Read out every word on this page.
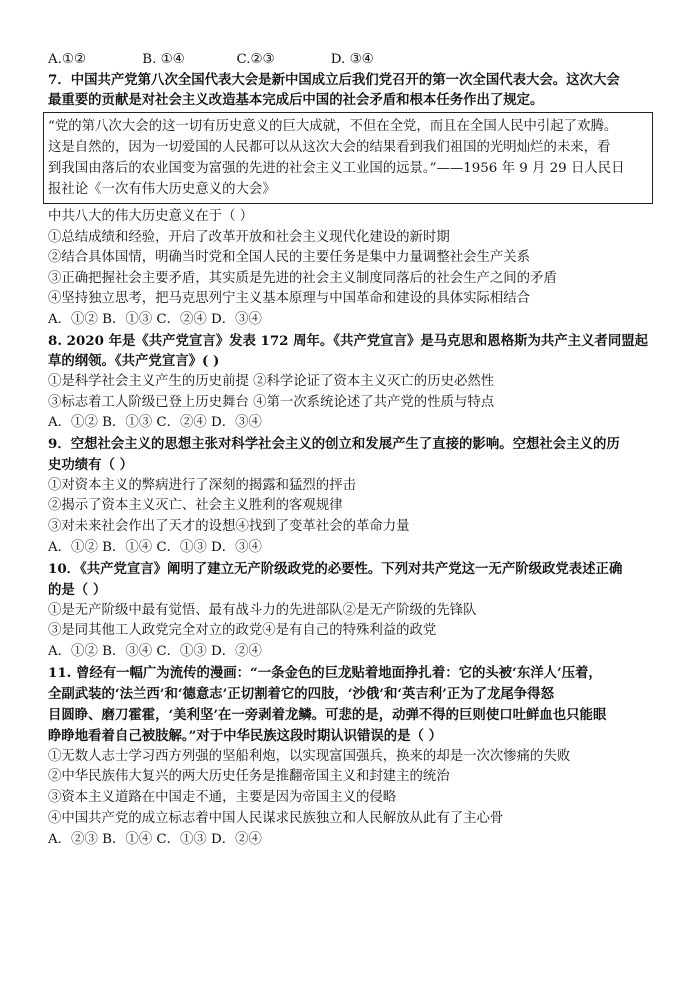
A.①②	B. ①④	C.②③	D. ③④
7．中国共产党第八次全国代表大会是新中国成立后我们党召开的第一次全国代表大会。这次大会
最重要的贡献是对社会主义改造基本完成后中国的社会矛盾和根本任务作出了规定。
“党的第八次大会的这一切有历史意义的巨大成就，不但在全党，而且在全国人民中引起了欢腾。
这是自然的，因为一切爱国的人民都可以从这次大会的结果看到我们祖国的光明灿烂的未来，看
到我国由落后的农业国变为富强的先进的社会主义工业国的远景。”——1956 年 9 月 29 日人民日
报社论《一次有伟大历史意义的大会》
中共八大的伟大历史意义在于（ ）
①总结成绩和经验，开启了改革开放和社会主义现代化建设的新时期
②结合具体国情，明确当时党和全国人民的主要任务是集中力量调整社会生产关系
③正确把握社会主要矛盾，其实质是先进的社会主义制度同落后的社会生产之间的矛盾
④坚持独立思考，把马克思列宁主义基本原理与中国革命和建设的具体实际相结合
A．①② B．①③ C．②④ D．③④
8. 2020 年是《共产党宣言》发表 172 周年。《共产党宣言》是马克思和恩格斯为共产主义者同盟起
草的纲领。《共产党宣言》( )
①是科学社会主义产生的历史前提 ②科学论证了资本主义灭亡的历史必然性
③标志着工人阶级已登上历史舞台 ④第一次系统论述了共产党的性质与特点
A．①② B．①③ C．②④ D．③④
9．空想社会主义的思想主张对科学社会主义的创立和发展产生了直接的影响。空想社会主义的历
史功绩有（ ）
①对资本主义的弊病进行了深刻的揭露和猛烈的抨击
②揭示了资本主义灭亡、社会主义胜利的客观规律
③对未来社会作出了天才的设想④找到了变革社会的革命力量
A．①② B．①④ C．①③ D．③④
10．《共产党宣言》阐明了建立无产阶级政党的必要性。下列对共产党这一无产阶级政党表述正确
的是（ ）
①是无产阶级中最有觉悟、最有战斗力的先进部队②是无产阶级的先锋队
③是同其他工人政党完全对立的政党④是有自己的特殊利益的政党
A．①② B．③④ C．①③ D．②④
11. 曾经有一幅广为流传的漫画：“一条金色的巨龙贴着地面挣扎着：它的头被‘东洋人’压着，
全副武装的‘法兰西’和‘德意志’正切割着它的四肢，‘沙俄’和‘英吉利’正为了龙尾争得怒
目圆睁、磨刀霍霍，‘美利坚’在一旁剥着龙鳞。可悲的是，动弹不得的巨则使口吐鲜血也只能眼
睁睁地看着自己被肢解。”对于中华民族这段时期认识错误的是（ ）
①无数人志士学习西方列强的坚船利炮，以实现富国强兵，换来的却是一次次惨痛的失败
②中华民族伟大复兴的两大历史任务是推翻帝国主义和封建主的统治
③资本主义道路在中国走不通，主要是因为帝国主义的侵略
④中国共产党的成立标志着中国人民谋求民族独立和人民解放从此有了主心骨
A．②③ B．①④ C．①③ D．②④
